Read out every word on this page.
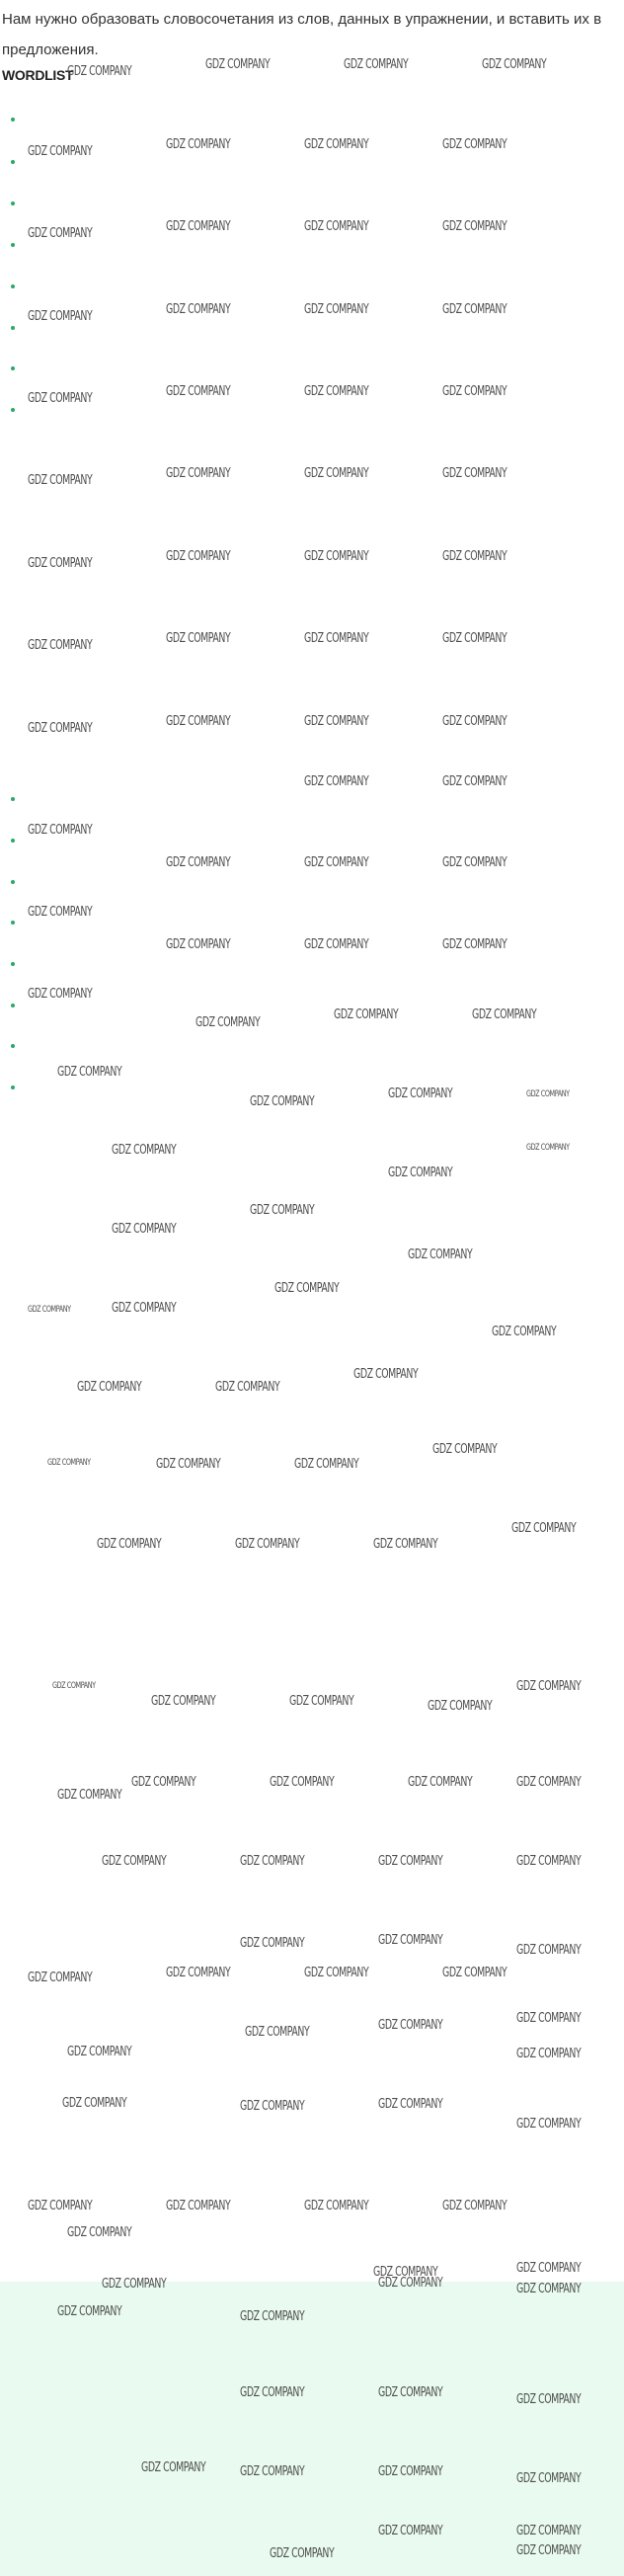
Нам нужно образовать словосочетания из слов, данных в упражнении, и вставить их в предложения.
WORDLIST
GDZ COMPANY	GDZ COMPANY	GDZ COMPANY	GDZ COMPANY
GDZ COMPANY	GDZ COMPANY	GDZ COMPANY	GDZ COMPANY
GDZ COMPANY	GDZ COMPANY	GDZ COMPANY	GDZ COMPANY
GDZ COMPANY	GDZ COMPANY	GDZ COMPANY	GDZ COMPANY
GDZ COMPANY	GDZ COMPANY	GDZ COMPANY	GDZ COMPANY
GDZ COMPANY	GDZ COMPANY	GDZ COMPANY	GDZ COMPANY
GDZ COMPANY	GDZ COMPANY	GDZ COMPANY	GDZ COMPANY
GDZ COMPANY	GDZ COMPANY	GDZ COMPANY	GDZ COMPANY
GDZ COMPANY	GDZ COMPANY	GDZ COMPANY	GDZ COMPANY
GDZ COMPANY	GDZ COMPANY
GDZ COMPANY
GDZ COMPANY	GDZ COMPANY	GDZ COMPANY
GDZ COMPANY
GDZ COMPANY	GDZ COMPANY	GDZ COMPANY
GDZ COMPANY
GDZ COMPANY
GDZ COMPANY	GDZ COMPANY
GDZ COMPANY
GDZ COMPANY
GDZ COMPANY
GDZ COMPANY
GDZ COMPANY
GDZ COMPANY
GDZ COMPANY
GDZ COMPANY
GDZ COMPANY
GDZ COMPANY
GDZ COMPANY
GDZ COMPANY
GDZ COMPANY
GDZ COMPANY
GDZ COMPANY	GDZ COMPANY
GDZ COMPANY
GDZ COMPANY	GDZ COMPANY	GDZ COMPANY
GDZ COMPANY
GDZ COMPANY	GDZ COMPANY	GDZ COMPANY
GDZ COMPANY
GDZ COMPANY
GDZ COMPANY	GDZ COMPANY	GDZ COMPANY
GDZ COMPANY
GDZ COMPANY
GDZ COMPANY	GDZ COMPANY	GDZ COMPANY	GDZ COMPANY
GDZ COMPANY	GDZ COMPANY	GDZ COMPANY	GDZ COMPANY
GDZ COMPANY	GDZ COMPANY
GDZ COMPANY
GDZ COMPANY	GDZ COMPANY	GDZ COMPANY	GDZ COMPANY
GDZ COMPANY
GDZ COMPANY
GDZ COMPANY	GDZ COMPANY
GDZ COMPANY
GDZ COMPANY	GDZ COMPANY	GDZ COMPANY
GDZ COMPANY
GDZ COMPANY	GDZ COMPANY	GDZ COMPANY	GDZ COMPANY
GDZ COMPANY
GDZ COMPANY	GDZ COMPANY
GDZ COMPANY	GDZ COMPANY	GDZ COMPANY
GDZ COMPANY	GDZ COMPANY
GDZ COMPANY	GDZ COMPANY	GDZ COMPANY
GDZ COMPANY	GDZ COMPANY	GDZ COMPANY
GDZ COMPANY	GDZ COMPANY
GDZ COMPANY	GDZ COMPANY
GDZ COMPANY
